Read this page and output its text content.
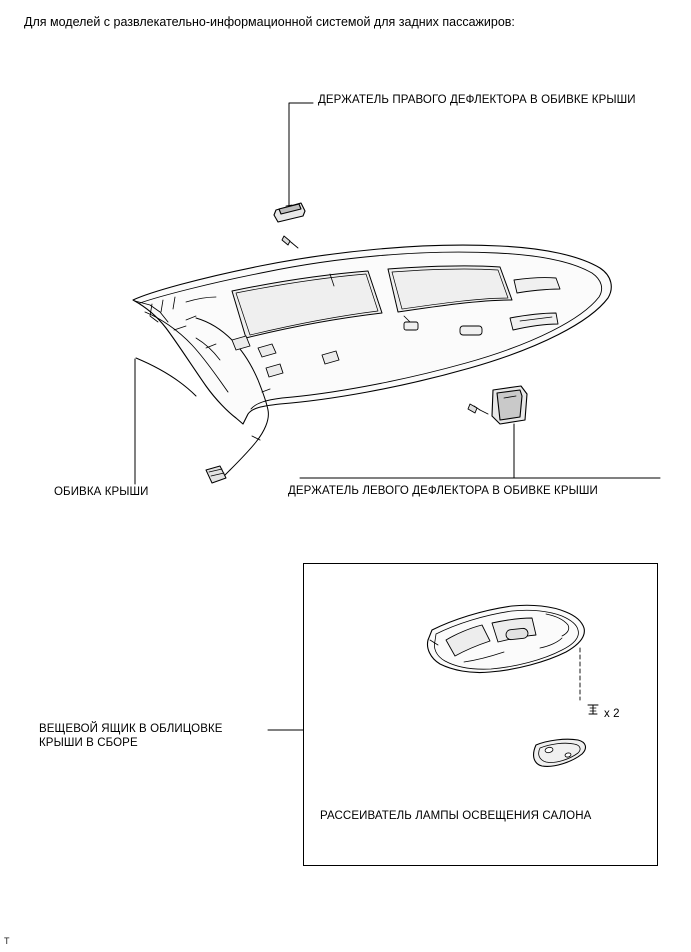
Для моделей с развлекательно-информационной системой для задних пассажиров:
ДЕРЖАТЕЛЬ ПРАВОГО ДЕФЛЕКТОРА В ОБИВКЕ КРЫШИ
ОБИВКА КРЫШИ	ДЕРЖАТЕЛЬ ЛЕВОГО ДЕФЛЕКТОРА В ОБИВКЕ КРЫШИ
ВЕЩЕВОЙ ЯЩИК В ОБЛИЦОВКЕ КРЫШИ В СБОРЕ
РАССЕИВАТЕЛЬ ЛАМПЫ ОСВЕЩЕНИЯ САЛОНА
x 2
T
